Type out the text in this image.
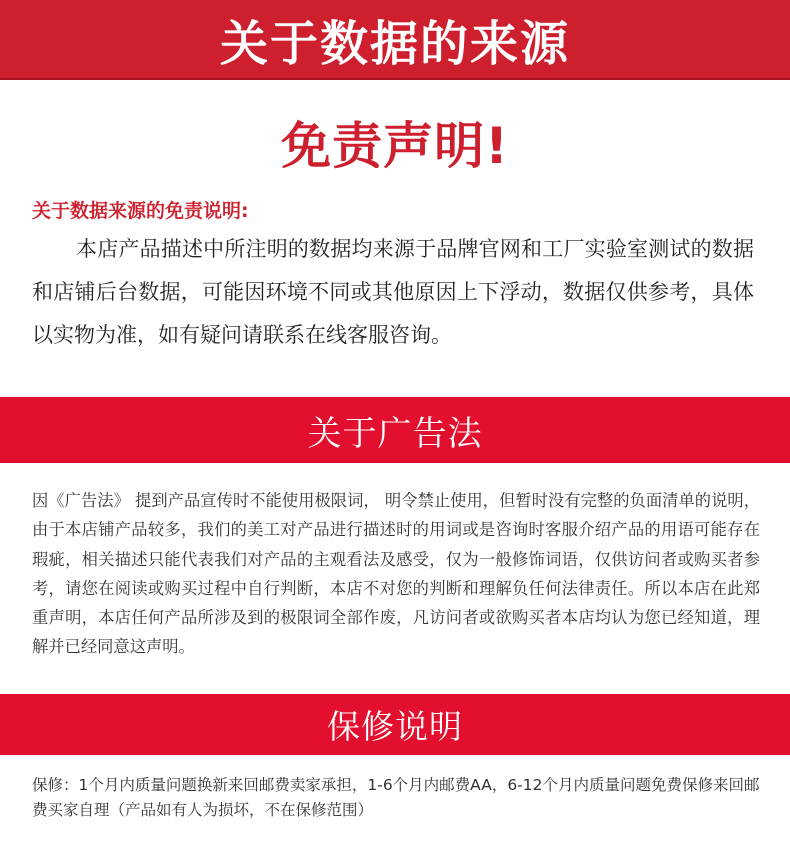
关于数据的来源
免责声明!
关于数据来源的免责说明:
本店产品描述中所注明的数据均来源于品牌官网和工厂实验室测试的数据和店铺后台数据，可能因环境不同或其他原因上下浮动，数据仅供参考，具体以实物为准，如有疑问请联系在线客服咨询。
关于广告法
因《广告法》 提到产品宣传时不能使用极限词， 明令禁止使用，但暂时没有完整的负面清单的说明，由于本店铺产品较多，我们的美工对产品进行描述时的用词或是咨询时客服介绍产品的用语可能存在瑕疵，相关描述只能代表我们对产品的主观看法及感受，仅为一般修饰词语，仅供访问者或购买者参考，请您在阅读或购买过程中自行判断，本店不对您的判断和理解负任何法律责任。所以本店在此郑重声明，本店任何产品所涉及到的极限词全部作废，凡访问者或欲购买者本店均认为您已经知道，理解并已经同意这声明。
保修说明
保修：1个月内质量问题换新来回邮费卖家承担，1-6个月内邮费AA，6-12个月内质量问题免费保修来回邮费买家自理（产品如有人为损坏，不在保修范围）
